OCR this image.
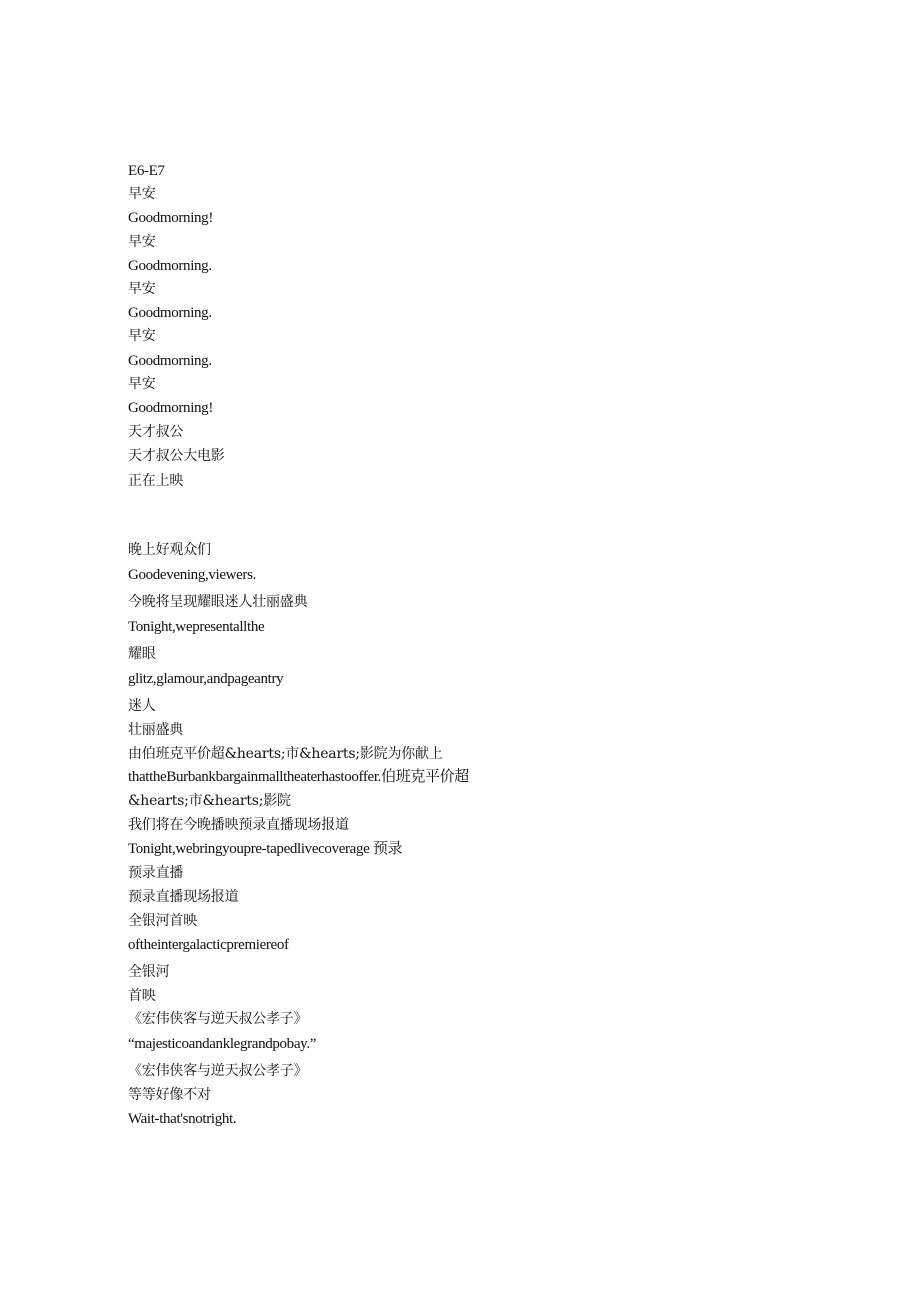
E6-E7
早安
Goodmorning!
早安
Goodmorning.
早安
Goodmorning.
早安
Goodmorning.
早安
Goodmorning!
天才叔公
天才叔公大电影
正在上映
晚上好观众们
Goodevening,viewers.
今晚将呈现耀眼迷人壮丽盛典
Tonight,wepresentallthe
耀眼
glitz,glamour,andpageantry
迷人
壮丽盛典
由伯班克平价超&hearts;市&hearts;影院为你献上
thattheBurbankbargainmalltheaterhastooffer.伯班克平价超
&hearts;市&hearts;影院
我们将在今晚播映预录直播现场报道
Tonight,webringyoupre-tapedlivecoverage 预录
预录直播
预录直播现场报道
全银河首映
oftheintergalacticpremiereof
全银河
首映
《宏伟侠客与逆天叔公孝子》
“majesticoandanklegrandpobay.”
《宏伟侠客与逆天叔公孝子》
等等好像不对
Wait-that'snotright.
